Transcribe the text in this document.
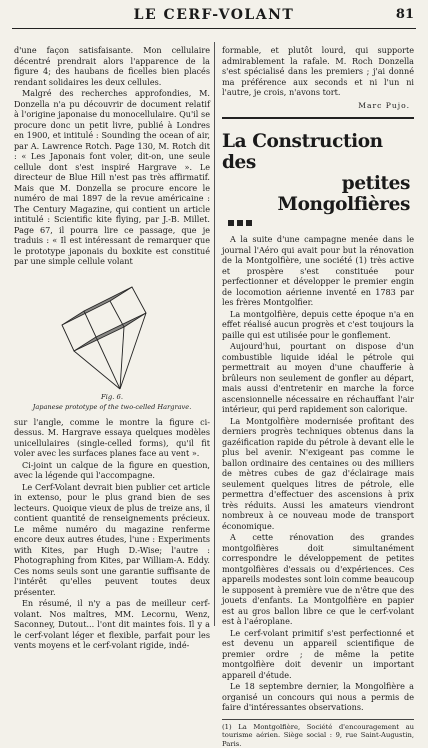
LE CERF-VOLANT	81

d'une façon satisfaisante. Mon cellulaire décentré prendrait alors l'apparence de la figure 4; des haubans de ficelles bien placés rendant solidaires les deux cellules.

Malgré des recherches approfondies, M. Donzella n'a pu découvrir de document relatif à l'origine japonaise du monocellulaire. Qu'il se procure donc un petit livre, publié à Londres en 1900, et intitulé : Sounding the ocean of air, par A. Lawrence Rotch. Page 130, M. Rotch dit : « Les Japonais font voler, dit-on, une seule cellule dont s'est inspiré Hargrave ». Le directeur de Blue Hill n'est pas très affirmatif. Mais que M. Donzella se procure encore le numéro de mai 1897 de la revue américaine : The Century Magazine, qui contient un article intitulé : Scientific kite flying, par J.-B. Millet. Page 67, il pourra lire ce passage, que je traduis : « Il est intéressant de remarquer que le prototype japonais du boxkite est constitué par une simple cellule volant

Fig. 6.
Japanese prototype of the two-celled Hargrave.

sur l'angle, comme le montre la figure ci-dessus. M. Hargrave essaya quelques modèles unicellulaires (single-celled forms), qu'il fit voler avec les surfaces planes face au vent ».

Ci-joint un calque de la figure en question, avec la légende qui l'accompagne.

Le Cerf-Volant devrait bien publier cet article in extenso, pour le plus grand bien de ses lecteurs. Quoique vieux de plus de treize ans, il contient quantité de renseignements précieux. Le même numéro du magazine renferme encore deux autres études, l'une : Experiments with Kites, par Hugh D.-Wise; l'autre : Photographing from Kites, par William-A. Eddy. Ces noms seuls sont une garantie suffisante de l'intérêt qu'elles peuvent toutes deux présenter.

En résumé, il n'y a pas de meilleur cerf-volant. Nos maîtres, MM. Lecornu, Wenz, Saconney, Dutout... l'ont dit maintes fois. Il y a le cerf-volant léger et flexible, parfait pour les vents moyens et le cerf-volant rigide, indé-

formable, et plutôt lourd, qui supporte admirablement la rafale. M. Roch Donzella s'est spécialisé dans les premiers ; j'ai donné ma préférence aux seconds et ni l'un ni l'autre, je crois, n'avons tort.

Marc Pujo.
La Construction des
petites Mongolfières

A la suite d'une campagne menée dans le journal l'Aéro qui avait pour but la rénovation de la Montgolfière, une société (1) très active et prospère s'est constituée pour perfectionner et développer le premier engin de locomotion aérienne inventé en 1783 par les frères Montgolfier.

La montgolfière, depuis cette époque n'a en effet réalisé aucun progrès et c'est toujours la paille qui est utilisée pour le gonflement.

Aujourd'hui, pourtant on dispose d'un combustible liquide idéal le pétrole qui permettrait au moyen d'une chaufferie à brûleurs non seulement de gonfler au départ, mais aussi d'entretenir en marche la force ascensionnelle nécessaire en réchauffant l'air intérieur, qui perd rapidement son calorique.

La Montgolfière modernisée profitant des derniers progrès techniques obtenus dans la gazéification rapide du pétrole à devant elle le plus bel avenir. N'exigeant pas comme le ballon ordinaire des centaines ou des milliers de mètres cubes de gaz d'éclairage mais seulement quelques litres de pétrole, elle permettra d'effectuer des ascensions à prix très réduits. Aussi les amateurs viendront nombreux à ce nouveau mode de transport économique.

A cette rénovation des grandes montgolfières doit simultanément correspondre le développement de petites montgolfières d'essais ou d'expériences. Ces appareils modestes sont loin comme beaucoup le supposent à première vue de n'être que des jouets d'enfants. La Montgolfière en papier est au gros ballon libre ce que le cerf-volant est à l'aéroplane.

Le cerf-volant primitif s'est perfectionné et est devenu un appareil scientifique de premier ordre ; de même la petite montgolfière doit devenir un important appareil d'étude.

Le 18 septembre dernier, la Mongolfière a organisé un concours qui nous a permis de faire d'intéressantes observations.

(1) La Montgolfière, Société d'encouragement au tourisme aérien. Siège social : 9, rue Saint-Augustin, Paris.
